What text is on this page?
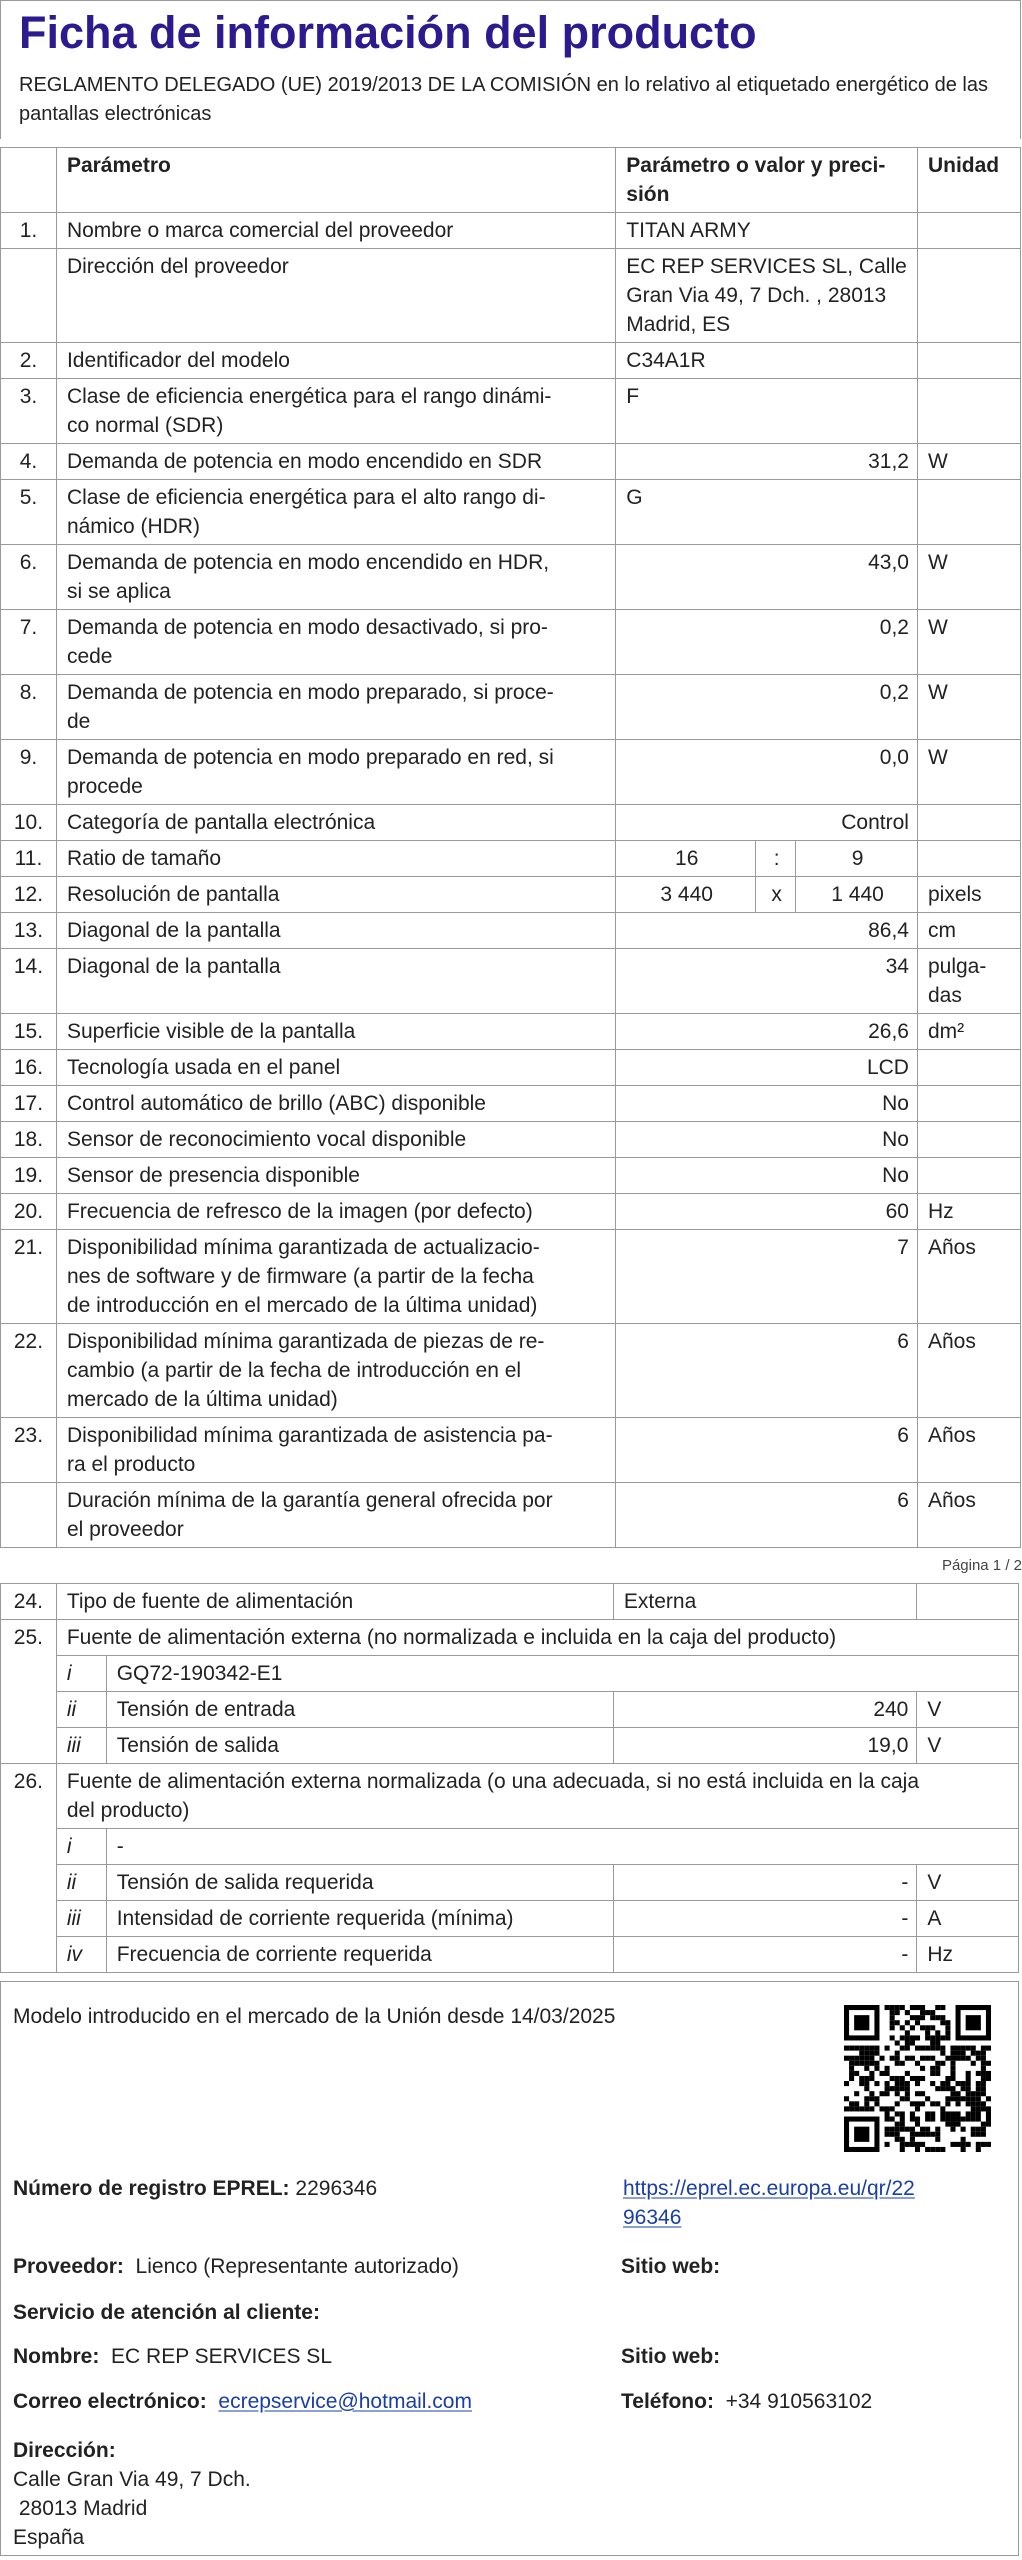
Ficha de información del producto
REGLAMENTO DELEGADO (UE) 2019/2013 DE LA COMISIÓN en lo relativo al etiquetado energético de las pantallas electrónicas
	Parámetro	Parámetro o valor y preci-
sión			Unidad
1.	Nombre o marca comercial del proveedor	TITAN ARMY			
	Dirección del proveedor	EC REP SERVICES SL, Calle
Gran Via 49, 7 Dch. , 28013
Madrid, ES			
2.	Identificador del modelo	C34A1R			
3.	Clase de eficiencia energética para el rango dinámi-
co normal (SDR)	F			
4.	Demanda de potencia en modo encendido en SDR	31,2			W
5.	Clase de eficiencia energética para el alto rango di-
námico (HDR)	G			
6.	Demanda de potencia en modo encendido en HDR,
si se aplica	43,0			W
7.	Demanda de potencia en modo desactivado, si pro-
cede	0,2			W
8.	Demanda de potencia en modo preparado, si proce-
de	0,2			W
9.	Demanda de potencia en modo preparado en red, si
procede	0,0			W
10.	Categoría de pantalla electrónica	Control			
11.	Ratio de tamaño	16	:	9	
12.	Resolución de pantalla	3 440	x	1 440	pixels
13.	Diagonal de la pantalla	86,4			cm
14.	Diagonal de la pantalla	34			pulga-
das
15.	Superficie visible de la pantalla	26,6			dm²
16.	Tecnología usada en el panel	LCD			
17.	Control automático de brillo (ABC) disponible	No			
18.	Sensor de reconocimiento vocal disponible	No			
19.	Sensor de presencia disponible	No			
20.	Frecuencia de refresco de la imagen (por defecto)	60			Hz
21.	Disponibilidad mínima garantizada de actualizacio-
nes de software y de firmware (a partir de la fecha
de introducción en el mercado de la última unidad)	7			Años
22.	Disponibilidad mínima garantizada de piezas de re-
cambio (a partir de la fecha de introducción en el
mercado de la última unidad)	6			Años
23.	Disponibilidad mínima garantizada de asistencia pa-
ra el producto	6			Años
	Duración mínima de la garantía general ofrecida por
el proveedor	6			Años
Página 1 / 2
24.	Tipo de fuente de alimentación		Externa	
25.	Fuente de alimentación externa (no normalizada e incluida en la caja del producto)			
	i	GQ72-190342-E1		
	ii	Tensión de entrada	240	V
	iii	Tensión de salida	19,0	V
26.	Fuente de alimentación externa normalizada (o una adecuada, si no está incluida en la caja
del producto)			
	i	-		
	ii	Tensión de salida requerida	-	V
	iii	Intensidad de corriente requerida (mínima)	-	A
	iv	Frecuencia de corriente requerida	-	Hz
Modelo introducido en el mercado de la Unión desde 14/03/2025
Número de registro EPREL: 2296346	https://eprel.ec.europa.eu/qr/22
96346
Proveedor: Lienco (Representante autorizado)	Sitio web:
Servicio de atención al cliente:
Nombre: EC REP SERVICES SL	Sitio web:
Correo electrónico: ecrepservice@hotmail.com	Teléfono: +34 910563102
Dirección:
Calle Gran Via 49, 7 Dch.
28013 Madrid
España
